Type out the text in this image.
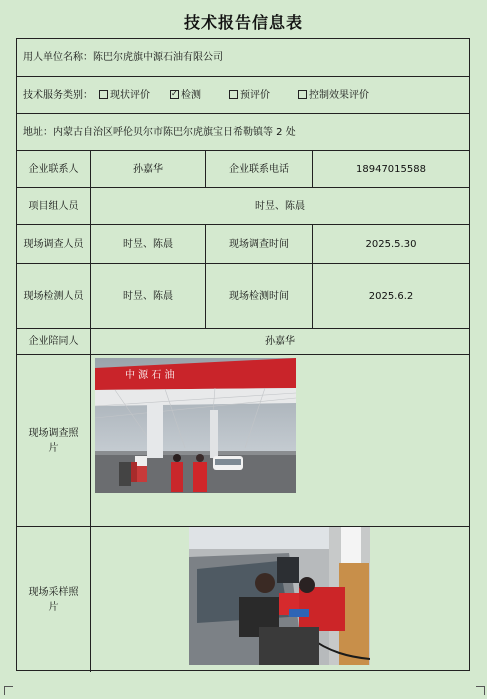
技术报告信息表
用人单位名称： 陈巴尔虎旗中源石油有限公司
技术服务类别： 现状评价
✓	检测	预评价	控制效果评价
地址： 内蒙古自治区呼伦贝尔市陈巴尔虎旗宝日希勒镇等 2 处
企业联系人	孙嘉华	企业联系电话	18947015588
项目组人员	时昱、陈晨
现场调查人员	时昱、陈晨	现场调查时间	2025.5.30
现场检测人员	时昱、陈晨	现场检测时间	2025.6.2
企业陪同人	孙嘉华
现场调查照片
中 源 石 油
现场采样照片
